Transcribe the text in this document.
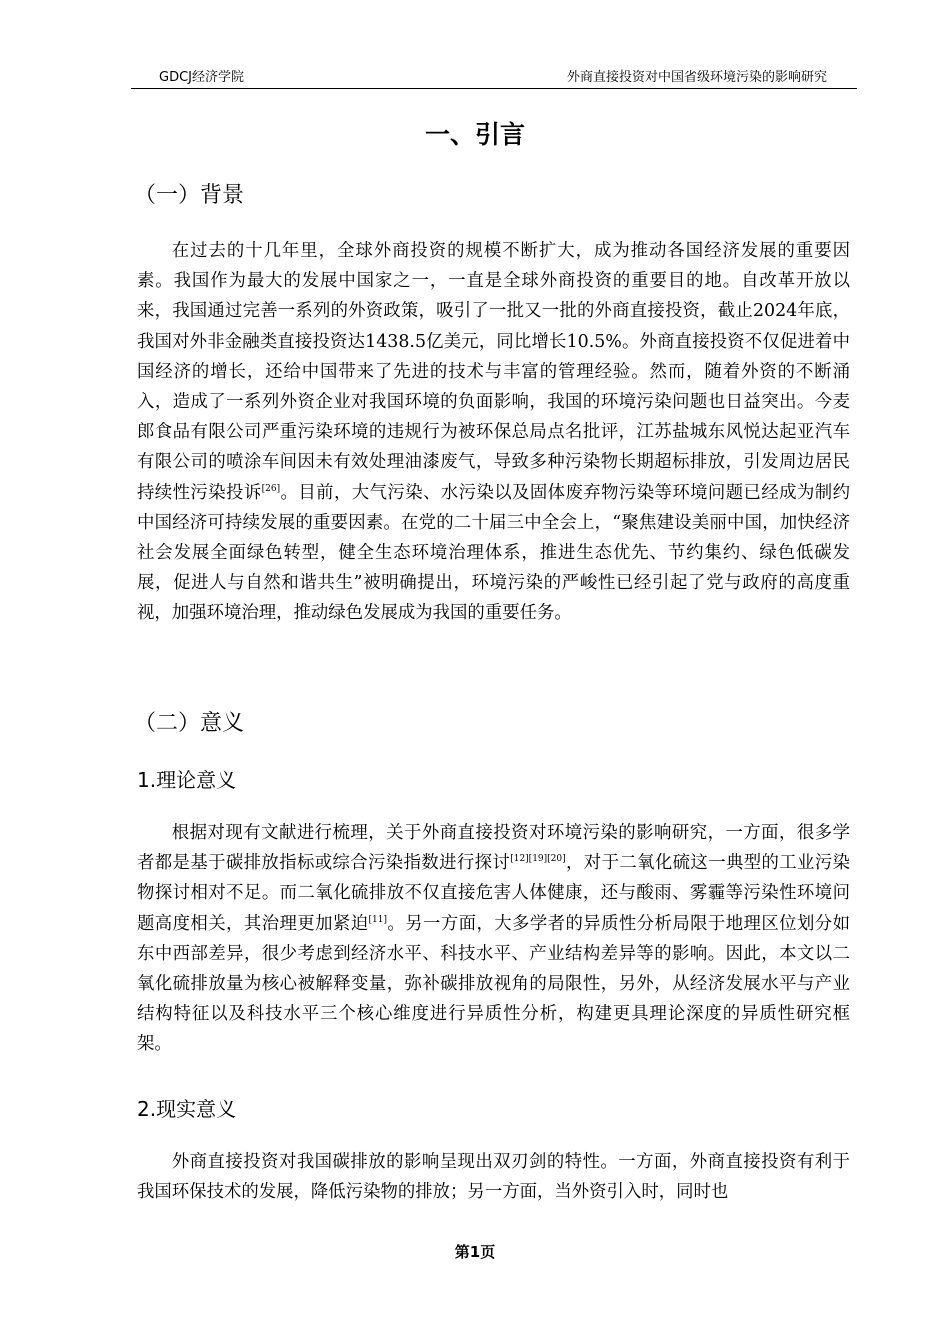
GDCJ经济学院	外商直接投资对中国省级环境污染的影响研究
一、引言
（一）背景

在过去的十几年里，全球外商投资的规模不断扩大，成为推动各国经济发展的重要因素。我国作为最大的发展中国家之一，一直是全球外商投资的重要目的地。自改革开放以来，我国通过完善一系列的外资政策，吸引了一批又一批的外商直接投资，截止2024年底，我国对外非金融类直接投资达1438.5亿美元，同比增长10.5%。外商直接投资不仅促进着中国经济的增长，还给中国带来了先进的技术与丰富的管理经验。然而，随着外资的不断涌入，造成了一系列外资企业对我国环境的负面影响，我国的环境污染问题也日益突出。今麦郎食品有限公司严重污染环境的违规行为被环保总局点名批评，江苏盐城东风悦达起亚汽车有限公司的喷涂车间因未有效处理油漆废气，导致多种污染物长期超标排放，引发周边居民持续性污染投诉[26]。目前，大气污染、水污染以及固体废弃物污染等环境问题已经成为制约中国经济可持续发展的重要因素。在党的二十届三中全会上，“聚焦建设美丽中国，加快经济社会发展全面绿色转型，健全生态环境治理体系，推进生态优先、节约集约、绿色低碳发展，促进人与自然和谐共生”被明确提出，环境污染的严峻性已经引起了党与政府的高度重视，加强环境治理，推动绿色发展成为我国的重要任务。

（二）意义
1.理论意义

根据对现有文献进行梳理，关于外商直接投资对环境污染的影响研究，一方面，很多学者都是基于碳排放指标或综合污染指数进行探讨[12][19][20]，对于二氧化硫这一典型的工业污染物探讨相对不足。而二氧化硫排放不仅直接危害人体健康，还与酸雨、雾霾等污染性环境问题高度相关，其治理更加紧迫[11]。另一方面，大多学者的异质性分析局限于地理区位划分如东中西部差异，很少考虑到经济水平、科技水平、产业结构差异等的影响。因此，本文以二氧化硫排放量为核心被解释变量，弥补碳排放视角的局限性，另外，从经济发展水平与产业结构特征以及科技水平三个核心维度进行异质性分析，构建更具理论深度的异质性研究框架。

2.现实意义

外商直接投资对我国碳排放的影响呈现出双刃剑的特性。一方面，外商直接投资有利于我国环保技术的发展，降低污染物的排放；另一方面，当外资引入时，同时也

第1页
